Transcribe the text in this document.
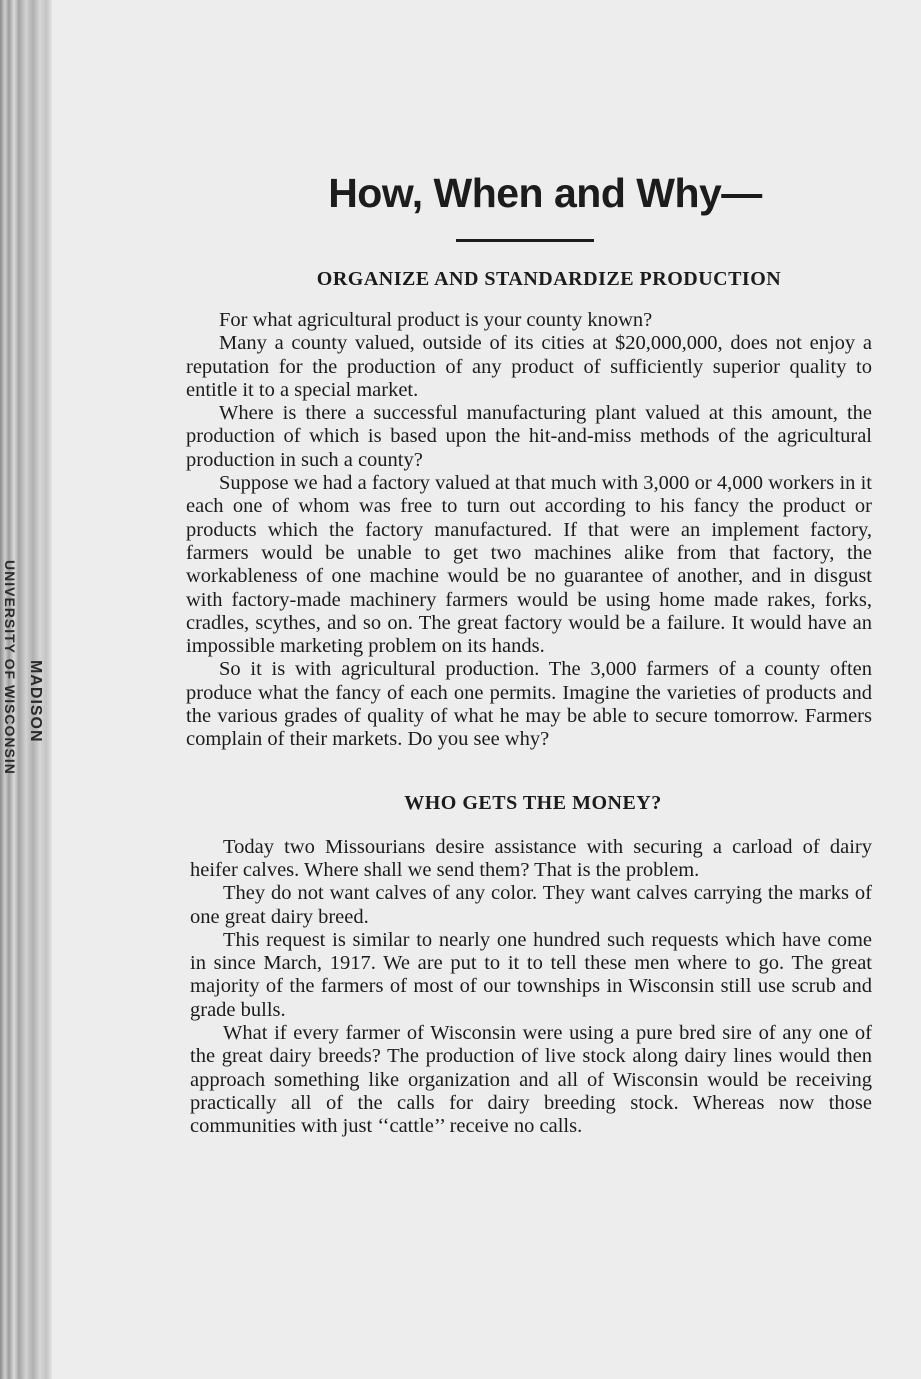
UNIVERSITY OF WISCONSIN MADISON
How, When and Why—
ORGANIZE AND STANDARDIZE PRODUCTION

For what agricultural product is your county known?

Many a county valued, outside of its cities at $20,000,000, does not enjoy a reputation for the production of any product of sufficiently superior quality to entitle it to a special market.

Where is there a successful manufacturing plant valued at this amount, the production of which is based upon the hit-and-miss methods of the agricultural production in such a county?

Suppose we had a factory valued at that much with 3,000 or 4,000 workers in it each one of whom was free to turn out according to his fancy the product or products which the factory manufactured. If that were an implement factory, farmers would be unable to get two machines alike from that factory, the workableness of one machine would be no guarantee of another, and in disgust with factory-made machinery farmers would be using home made rakes, forks, cradles, scythes, and so on. The great factory would be a failure. It would have an impossible marketing problem on its hands.

So it is with agricultural production. The 3,000 farmers of a county often produce what the fancy of each one permits. Imagine the varieties of products and the various grades of quality of what he may be able to secure tomorrow. Farmers complain of their markets. Do you see why?

WHO GETS THE MONEY?

Today two Missourians desire assistance with securing a carload of dairy heifer calves. Where shall we send them? That is the problem.

They do not want calves of any color. They want calves carrying the marks of one great dairy breed.

This request is similar to nearly one hundred such requests which have come in since March, 1917. We are put to it to tell these men where to go. The great majority of the farmers of most of our townships in Wisconsin still use scrub and grade bulls.

What if every farmer of Wisconsin were using a pure bred sire of any one of the great dairy breeds? The production of live stock along dairy lines would then approach something like organization and all of Wisconsin would be receiving practically all of the calls for dairy breeding stock. Whereas now those communities with just ‘‘cattle’’ receive no calls.
